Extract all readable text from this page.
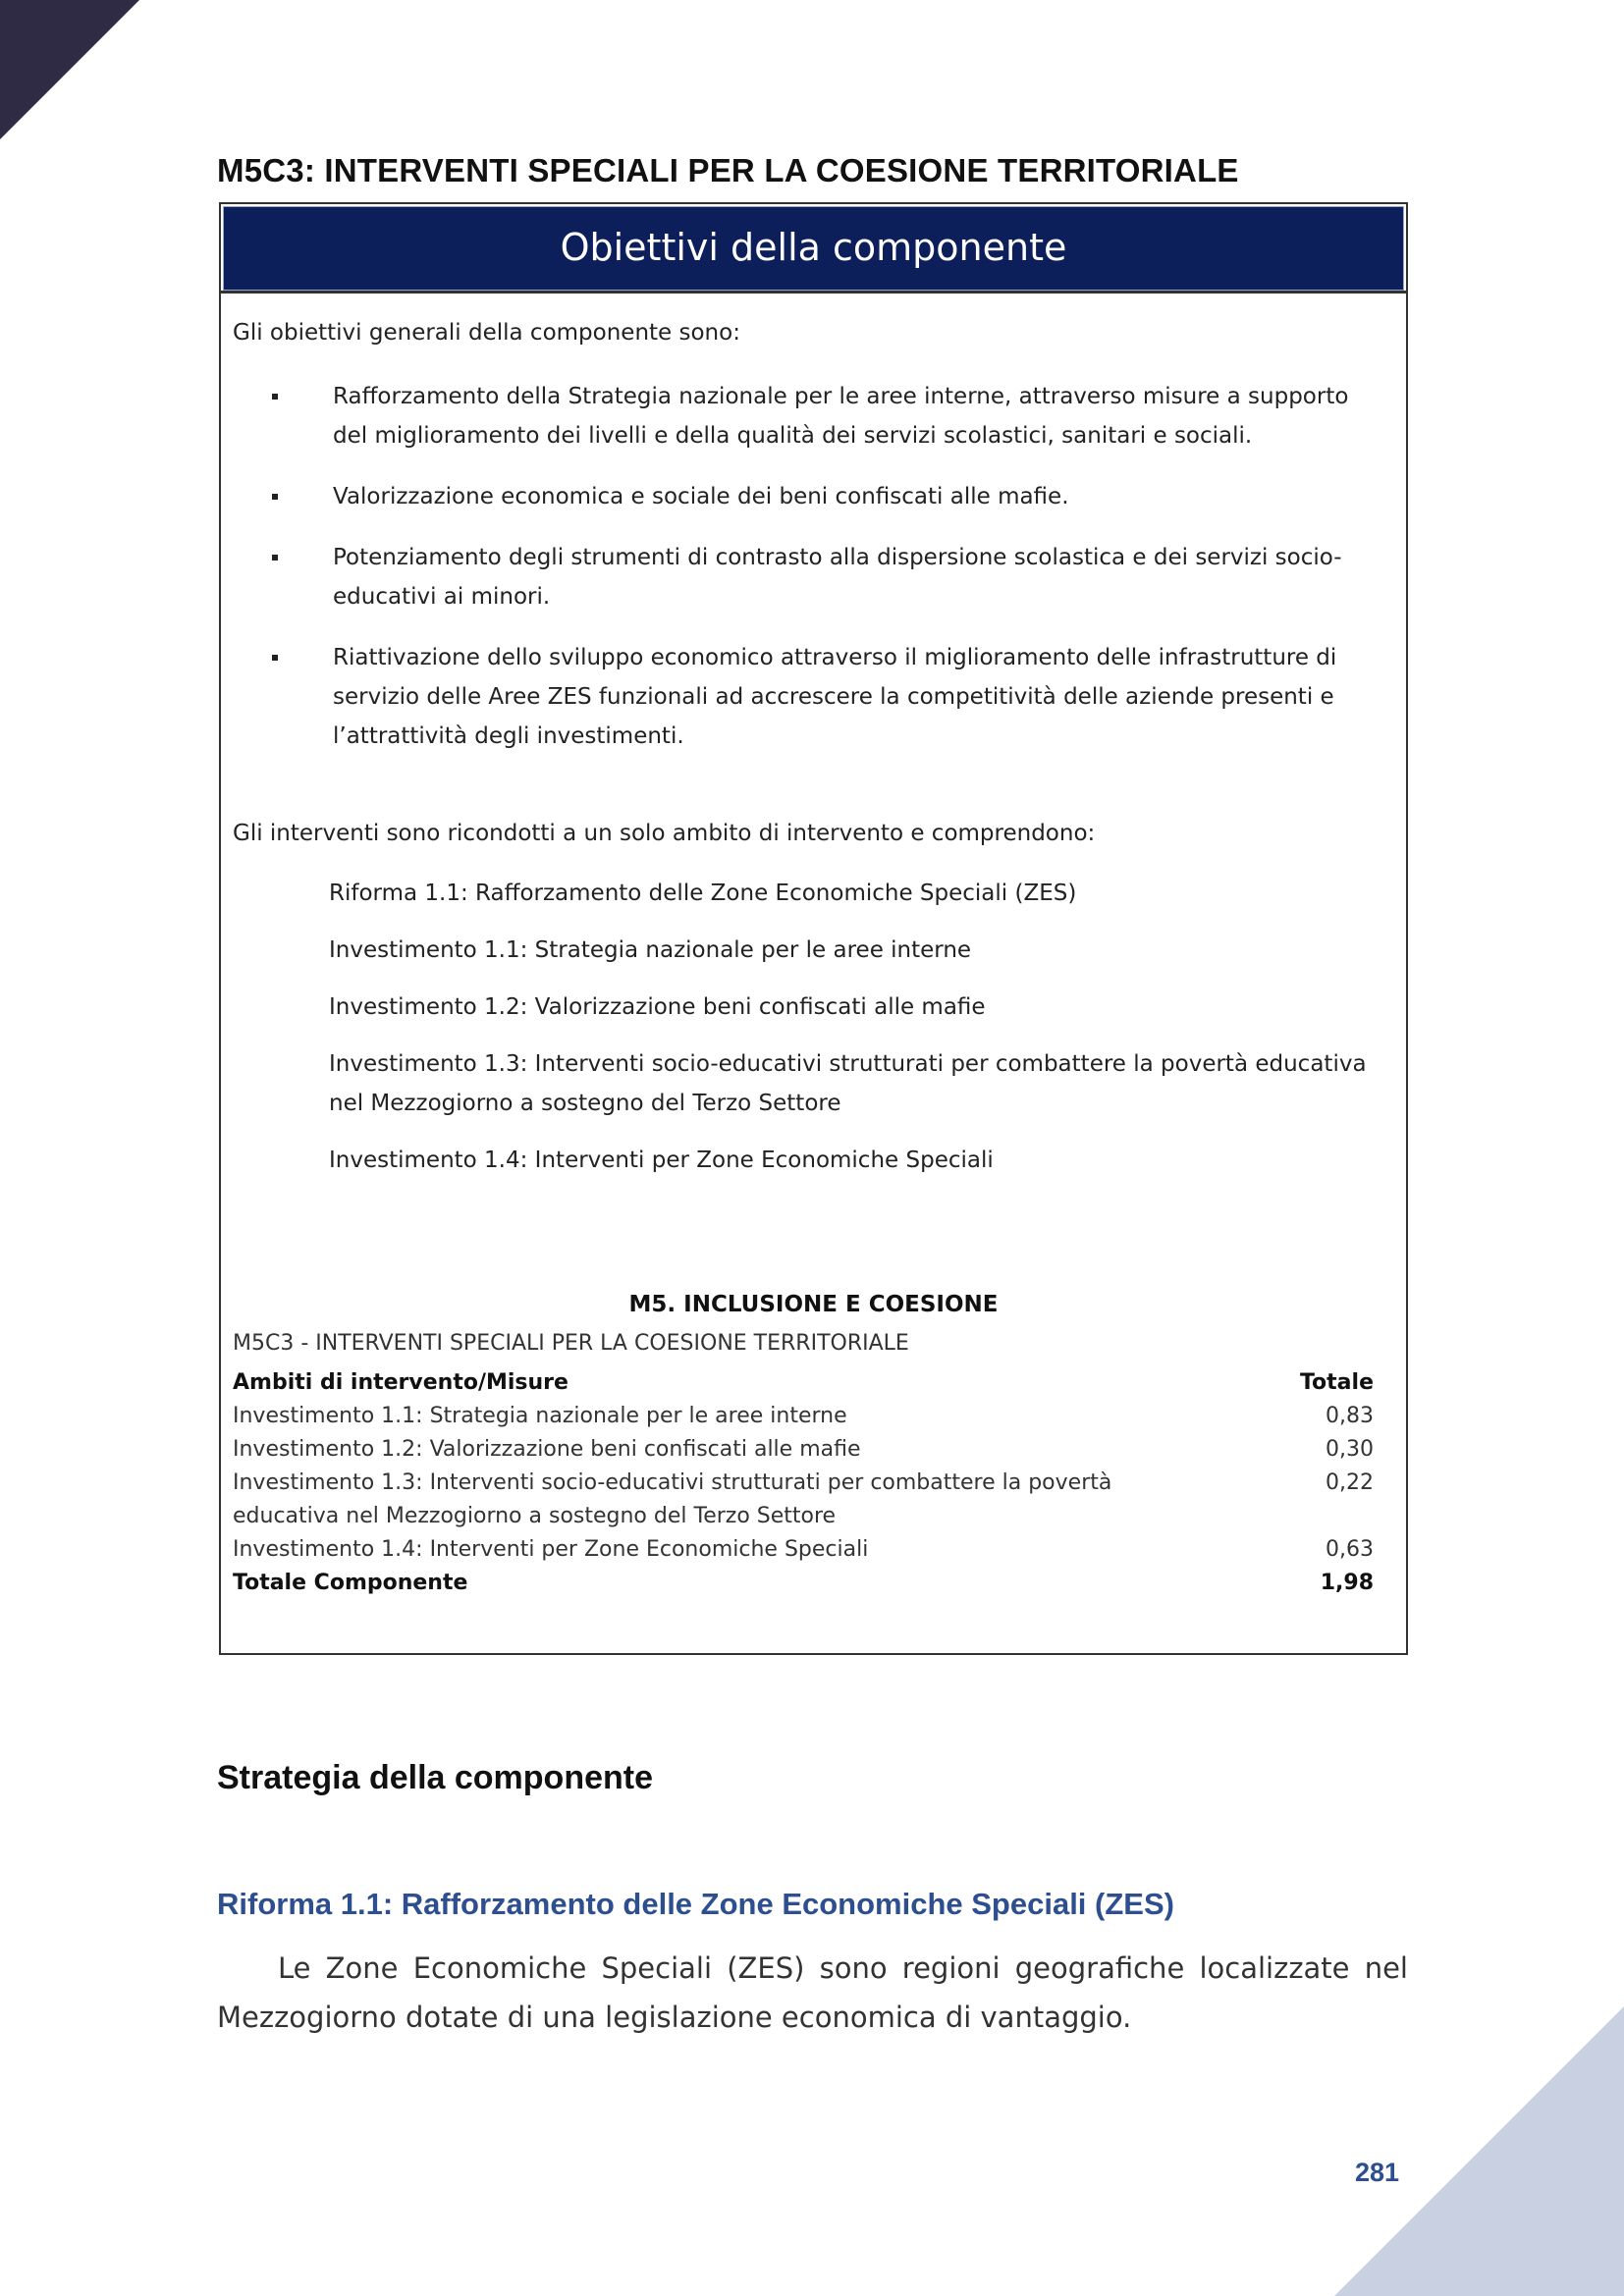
M5C3: INTERVENTI SPECIALI PER LA COESIONE TERRITORIALE
Obiettivi della componente
Gli obiettivi generali della componente sono:
Rafforzamento della Strategia nazionale per le aree interne, attraverso misure a supporto del miglioramento dei livelli e della qualità dei servizi scolastici, sanitari e sociali.
Valorizzazione economica e sociale dei beni confiscati alle mafie.
Potenziamento degli strumenti di contrasto alla dispersione scolastica e dei servizi socio-educativi ai minori.
Riattivazione dello sviluppo economico attraverso il miglioramento delle infrastrutture di servizio delle Aree ZES funzionali ad accrescere la competitività delle aziende presenti e l’attrattività degli investimenti.
Gli interventi sono ricondotti a un solo ambito di intervento e comprendono:
Riforma 1.1: Rafforzamento delle Zone Economiche Speciali (ZES)
Investimento 1.1: Strategia nazionale per le aree interne
Investimento 1.2: Valorizzazione beni confiscati alle mafie
Investimento 1.3: Interventi socio-educativi strutturati per combattere la povertà educativa nel Mezzogiorno a sostegno del Terzo Settore
Investimento 1.4: Interventi per Zone Economiche Speciali
M5. INCLUSIONE E COESIONE
M5C3 - INTERVENTI SPECIALI PER LA COESIONE TERRITORIALE
Ambiti di intervento/Misure	Totale
Investimento 1.1: Strategia nazionale per le aree interne	0,83
Investimento 1.2: Valorizzazione beni confiscati alle mafie	0,30
Investimento 1.3: Interventi socio-educativi strutturati per combattere la povertà educativa nel Mezzogiorno a sostegno del Terzo Settore	0,22
Investimento 1.4: Interventi per Zone Economiche Speciali	0,63
Totale Componente	1,98
Strategia della componente
Riforma 1.1: Rafforzamento delle Zone Economiche Speciali (ZES)

Le Zone Economiche Speciali (ZES) sono regioni geografiche localizzate nel Mezzogiorno dotate di una legislazione economica di vantaggio.

281
